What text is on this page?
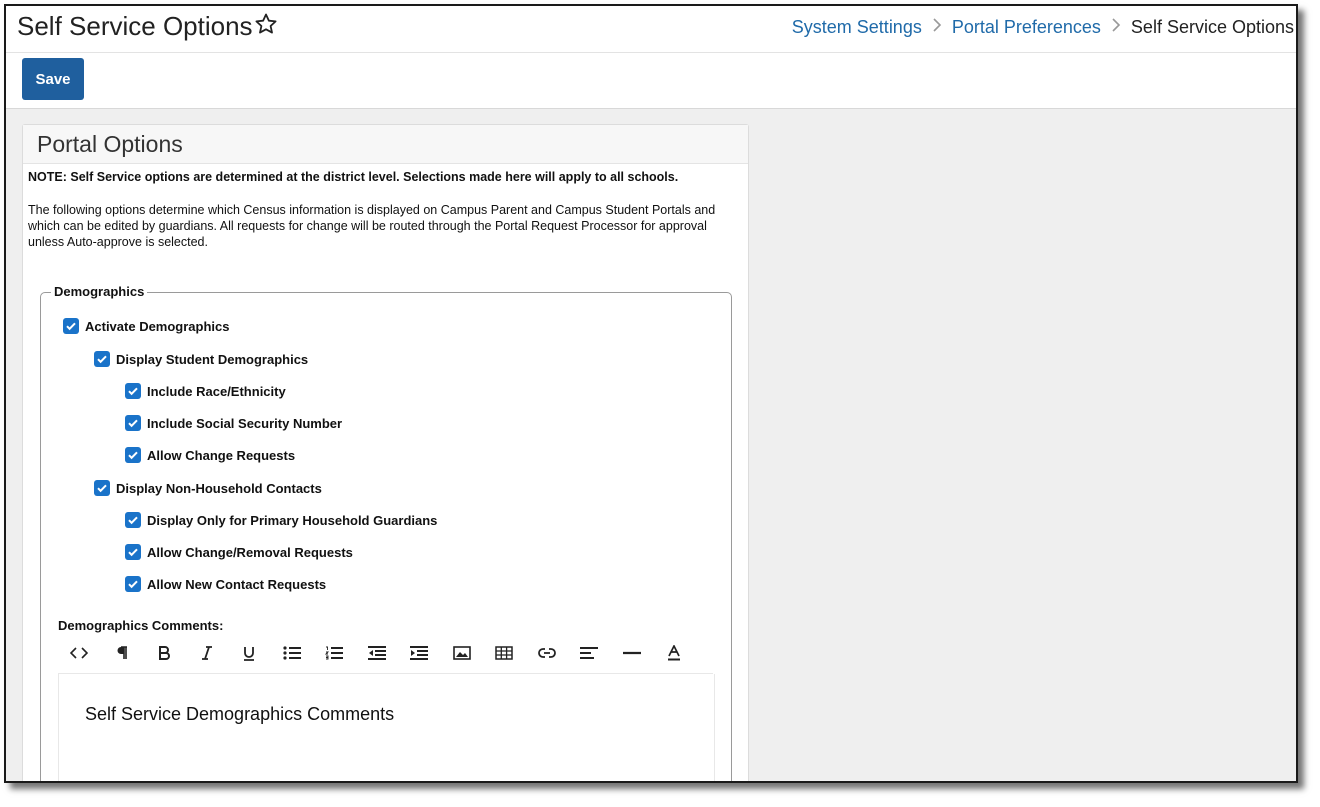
Self Service Options	System Settings Portal Preferences Self Service Options
Save
Portal Options
NOTE: Self Service options are determined at the district level. Selections made here will apply to all schools.
The following options determine which Census information is displayed on Campus Parent and Campus Student Portals and which can be edited by guardians. All requests for change will be routed through the Portal Request Processor for approval unless Auto-approve is selected.
Demographics
Activate Demographics
Display Student Demographics
Include Race/Ethnicity
Include Social Security Number
Allow Change Requests
Display Non-Household Contacts
Display Only for Primary Household Guardians
Allow Change/Removal Requests
Allow New Contact Requests
Demographics Comments:
Self Service Demographics Comments
